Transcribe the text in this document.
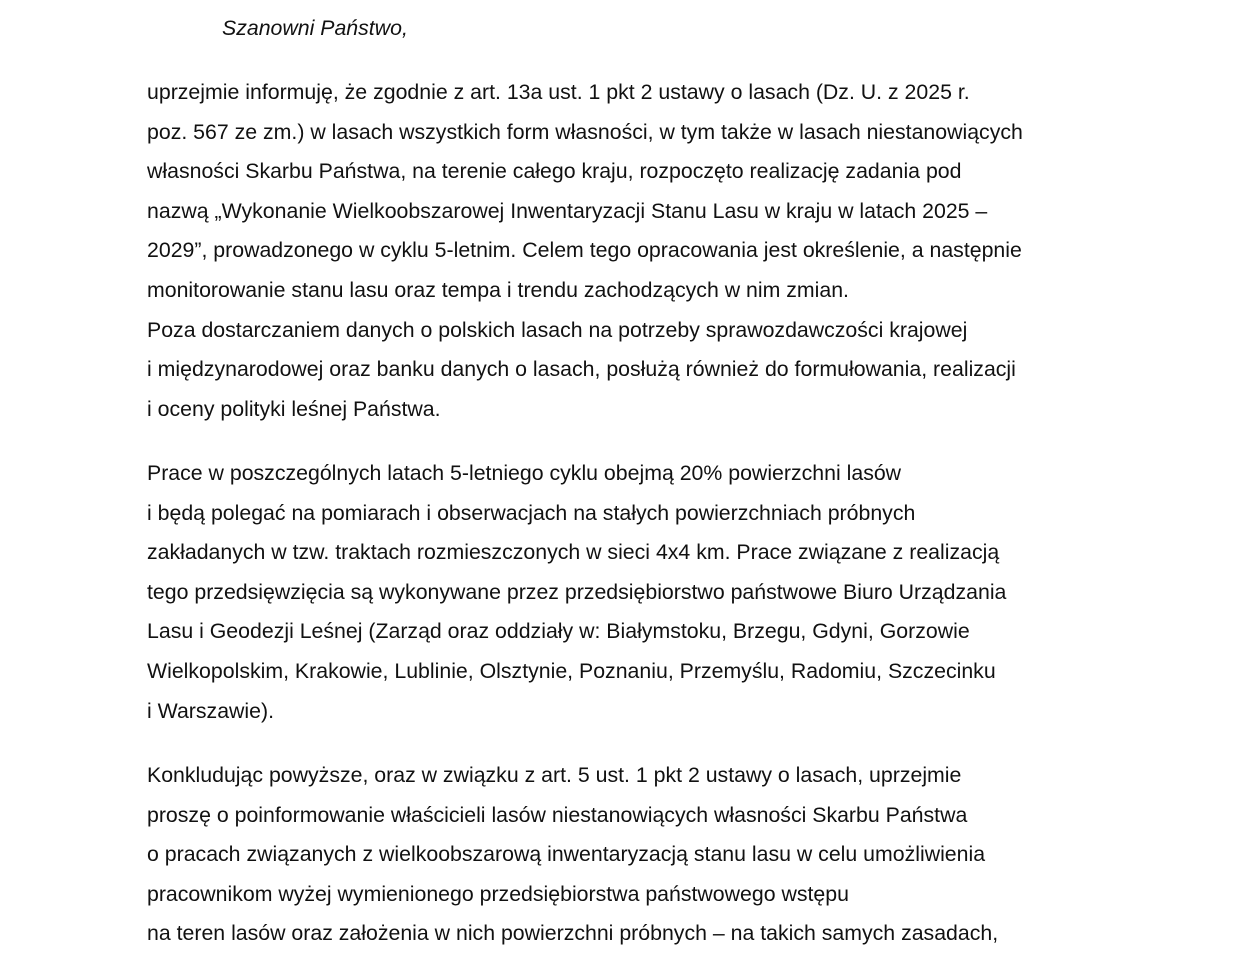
Szanowni Państwo,
uprzejmie informuję, że zgodnie z art. 13a ust. 1 pkt 2 ustawy o lasach (Dz. U. z 2025 r.
poz. 567 ze zm.) w lasach wszystkich form własności, w tym także w lasach niestanowiących
własności Skarbu Państwa, na terenie całego kraju, rozpoczęto realizację zadania pod
nazwą „Wykonanie Wielkoobszarowej Inwentaryzacji Stanu Lasu w kraju w latach 2025 –
2029”, prowadzonego w cyklu 5-letnim. Celem tego opracowania jest określenie, a następnie
monitorowanie stanu lasu oraz tempa i trendu zachodzących w nim zmian.
Poza dostarczaniem danych o polskich lasach na potrzeby sprawozdawczości krajowej
i międzynarodowej oraz banku danych o lasach, posłużą również do formułowania, realizacji
i oceny polityki leśnej Państwa.
Prace w poszczególnych latach 5-letniego cyklu obejmą 20% powierzchni lasów
i będą polegać na pomiarach i obserwacjach na stałych powierzchniach próbnych
zakładanych w tzw. traktach rozmieszczonych w sieci 4x4 km. Prace związane z realizacją
tego przedsięwzięcia są wykonywane przez przedsiębiorstwo państwowe Biuro Urządzania
Lasu i Geodezji Leśnej (Zarząd oraz oddziały w: Białymstoku, Brzegu, Gdyni, Gorzowie
Wielkopolskim, Krakowie, Lublinie, Olsztynie, Poznaniu, Przemyślu, Radomiu, Szczecinku
i Warszawie).
Konkludując powyższe, oraz w związku z art. 5 ust. 1 pkt 2 ustawy o lasach, uprzejmie
proszę o poinformowanie właścicieli lasów niestanowiących własności Skarbu Państwa
o pracach związanych z wielkoobszarową inwentaryzacją stanu lasu w celu umożliwienia
pracownikom wyżej wymienionego przedsiębiorstwa państwowego wstępu
na teren lasów oraz założenia w nich powierzchni próbnych – na takich samych zasadach,
